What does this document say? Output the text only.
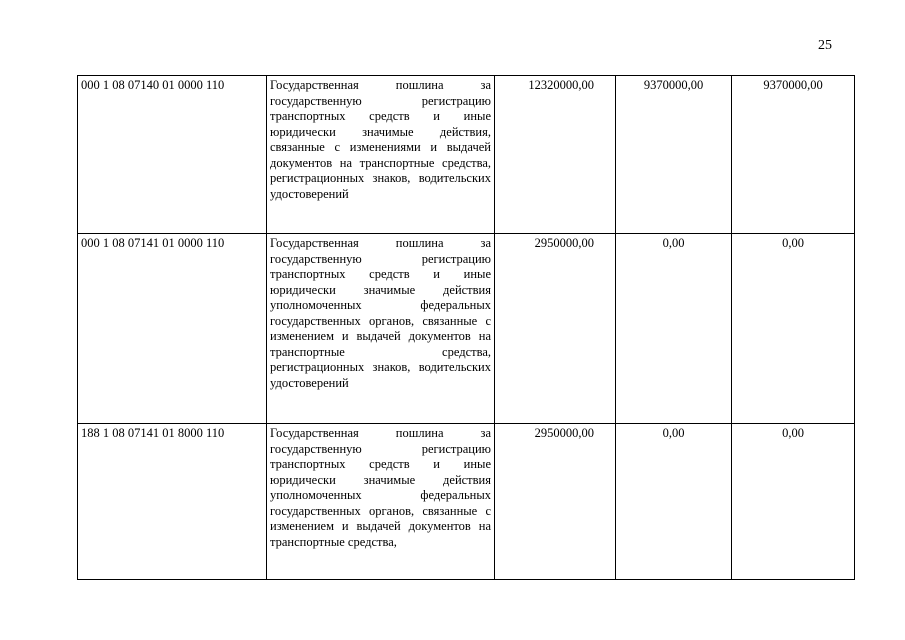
25
000 1 08 07140 01 0000 110	Государственная пошлина за государственную регистрацию транспортных средств и иные юридически значимые действия, связанные с изменениями и выдачей документов на транспортные средства, регистрационных знаков, водительских удостоверений	12320000,00	9370000,00	9370000,00
000 1 08 07141 01 0000 110	Государственная пошлина за государственную регистрацию транспортных средств и иные юридически значимые действия уполномоченных федеральных государственных органов, связанные с изменением и выдачей документов на транспортные средства, регистрационных знаков, водительских удостоверений	2950000,00	0,00	0,00
188 1 08 07141 01 8000 110	Государственная пошлина за государственную регистрацию транспортных средств и иные юридически значимые действия уполномоченных федеральных государственных органов, связанные с изменением и выдачей документов на транспортные средства,	2950000,00	0,00	0,00
